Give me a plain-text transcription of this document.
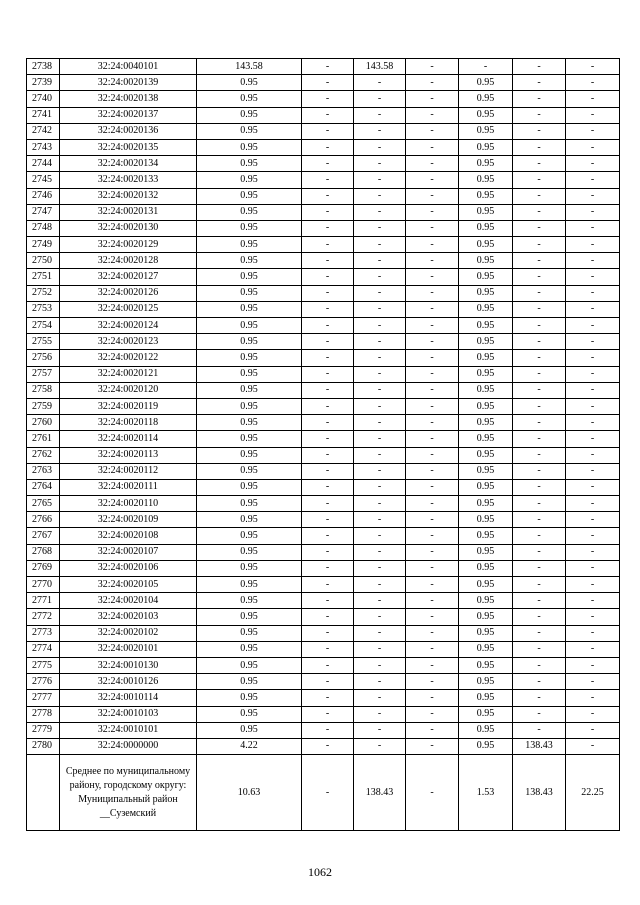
2738	32:24:0040101	143.58	-	143.58	-	-	-	-
2739	32:24:0020139	0.95	-	-	-	0.95	-	-
2740	32:24:0020138	0.95	-	-	-	0.95	-	-
2741	32:24:0020137	0.95	-	-	-	0.95	-	-
2742	32:24:0020136	0.95	-	-	-	0.95	-	-
2743	32:24:0020135	0.95	-	-	-	0.95	-	-
2744	32:24:0020134	0.95	-	-	-	0.95	-	-
2745	32:24:0020133	0.95	-	-	-	0.95	-	-
2746	32:24:0020132	0.95	-	-	-	0.95	-	-
2747	32:24:0020131	0.95	-	-	-	0.95	-	-
2748	32:24:0020130	0.95	-	-	-	0.95	-	-
2749	32:24:0020129	0.95	-	-	-	0.95	-	-
2750	32:24:0020128	0.95	-	-	-	0.95	-	-
2751	32:24:0020127	0.95	-	-	-	0.95	-	-
2752	32:24:0020126	0.95	-	-	-	0.95	-	-
2753	32:24:0020125	0.95	-	-	-	0.95	-	-
2754	32:24:0020124	0.95	-	-	-	0.95	-	-
2755	32:24:0020123	0.95	-	-	-	0.95	-	-
2756	32:24:0020122	0.95	-	-	-	0.95	-	-
2757	32:24:0020121	0.95	-	-	-	0.95	-	-
2758	32:24:0020120	0.95	-	-	-	0.95	-	-
2759	32:24:0020119	0.95	-	-	-	0.95	-	-
2760	32:24:0020118	0.95	-	-	-	0.95	-	-
2761	32:24:0020114	0.95	-	-	-	0.95	-	-
2762	32:24:0020113	0.95	-	-	-	0.95	-	-
2763	32:24:0020112	0.95	-	-	-	0.95	-	-
2764	32:24:0020111	0.95	-	-	-	0.95	-	-
2765	32:24:0020110	0.95	-	-	-	0.95	-	-
2766	32:24:0020109	0.95	-	-	-	0.95	-	-
2767	32:24:0020108	0.95	-	-	-	0.95	-	-
2768	32:24:0020107	0.95	-	-	-	0.95	-	-
2769	32:24:0020106	0.95	-	-	-	0.95	-	-
2770	32:24:0020105	0.95	-	-	-	0.95	-	-
2771	32:24:0020104	0.95	-	-	-	0.95	-	-
2772	32:24:0020103	0.95	-	-	-	0.95	-	-
2773	32:24:0020102	0.95	-	-	-	0.95	-	-
2774	32:24:0020101	0.95	-	-	-	0.95	-	-
2775	32:24:0010130	0.95	-	-	-	0.95	-	-
2776	32:24:0010126	0.95	-	-	-	0.95	-	-
2777	32:24:0010114	0.95	-	-	-	0.95	-	-
2778	32:24:0010103	0.95	-	-	-	0.95	-	-
2779	32:24:0010101	0.95	-	-	-	0.95	-	-
2780	32:24:0000000	4.22	-	-	-	0.95	138.43	-
	Среднее по муниципальному району, городскому округу: Муниципальный район __Суземский	10.63	-	138.43	-	1.53	138.43	22.25
1062
